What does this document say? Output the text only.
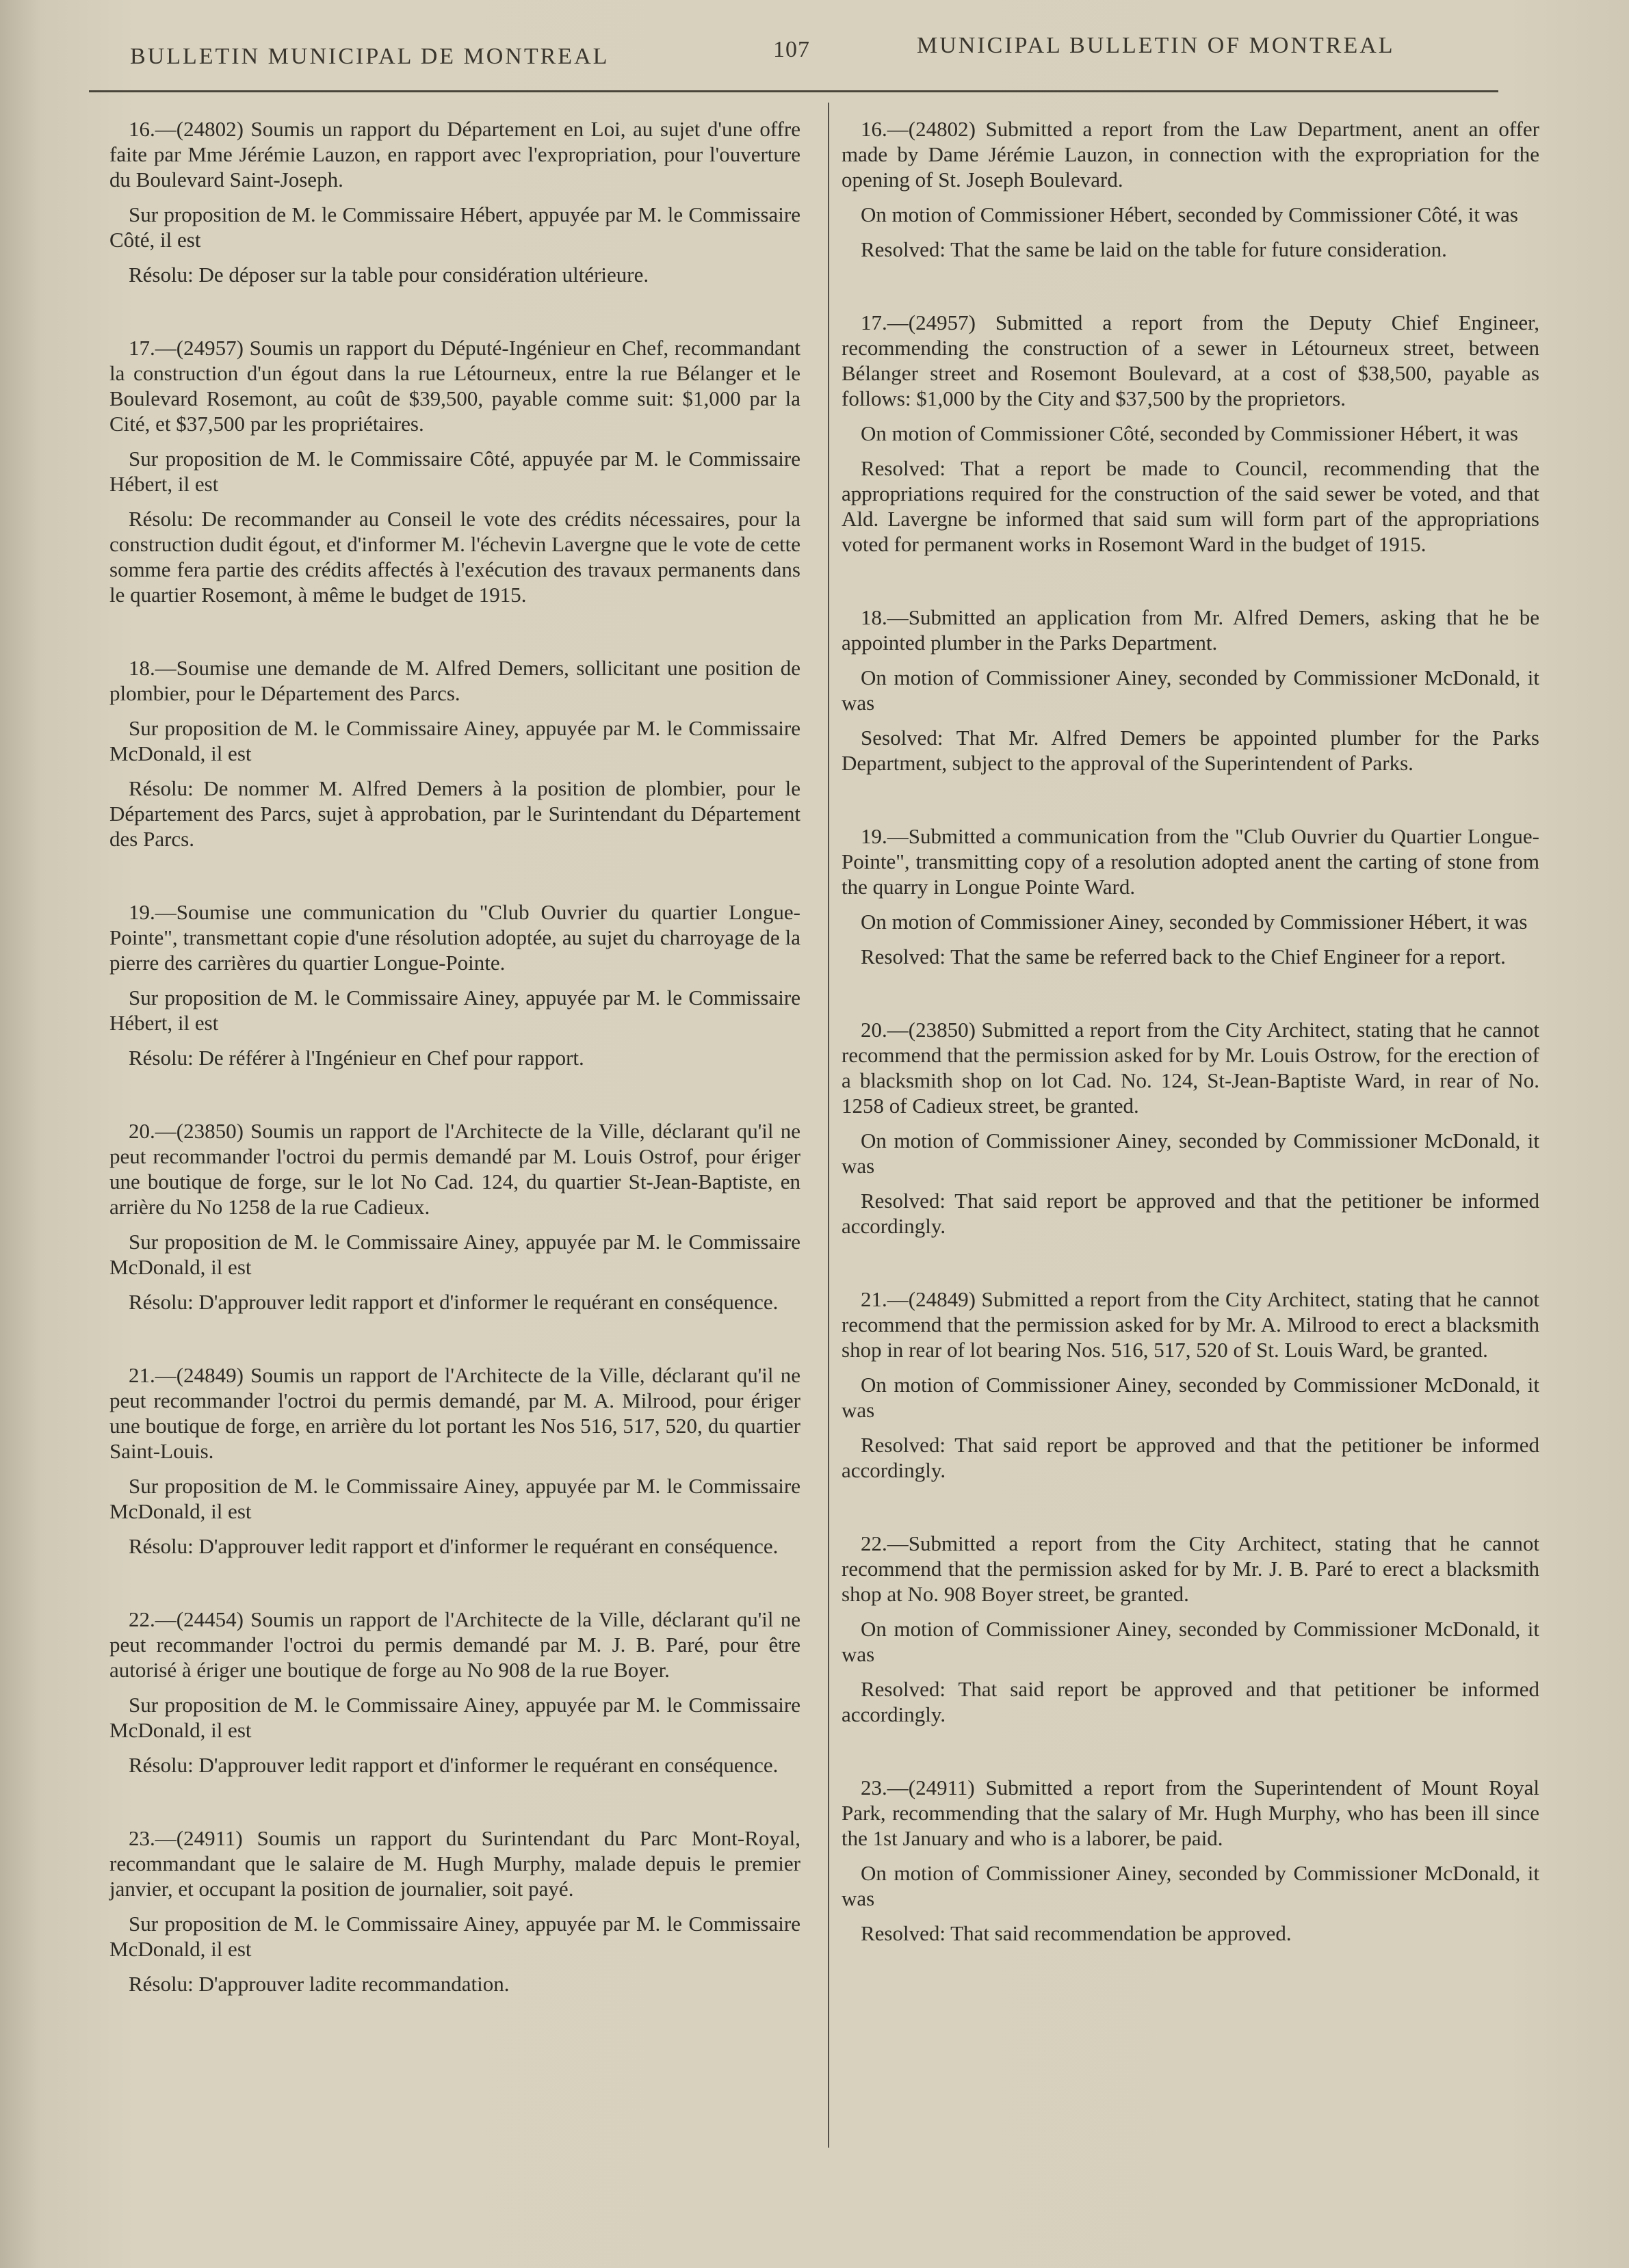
BULLETIN MUNICIPAL DE MONTREAL	107	MUNICIPAL BULLETIN OF MONTREAL

16.—(24802) Soumis un rapport du Département en Loi, au sujet d'une offre faite par Mme Jérémie Lauzon, en rapport avec l'expropriation, pour l'ouverture du Boulevard Saint-Joseph.

Sur proposition de M. le Commissaire Hébert, appuyée par M. le Commissaire Côté, il est

Résolu: De déposer sur la table pour considération ultérieure.

17.—(24957) Soumis un rapport du Député-Ingénieur en Chef, recommandant la construction d'un égout dans la rue Létourneux, entre la rue Bélanger et le Boulevard Rosemont, au coût de $39,500, payable comme suit: $1,000 par la Cité, et $37,500 par les propriétaires.

Sur proposition de M. le Commissaire Côté, appuyée par M. le Commissaire Hébert, il est

Résolu: De recommander au Conseil le vote des crédits nécessaires, pour la construction dudit égout, et d'informer M. l'échevin Lavergne que le vote de cette somme fera partie des crédits affectés à l'exécution des travaux permanents dans le quartier Rosemont, à même le budget de 1915.

18.—Soumise une demande de M. Alfred Demers, sollicitant une position de plombier, pour le Département des Parcs.

Sur proposition de M. le Commissaire Ainey, appuyée par M. le Commissaire McDonald, il est

Résolu: De nommer M. Alfred Demers à la position de plombier, pour le Département des Parcs, sujet à approbation, par le Surintendant du Département des Parcs.

19.—Soumise une communication du "Club Ouvrier du quartier Longue-Pointe", transmettant copie d'une résolution adoptée, au sujet du charroyage de la pierre des carrières du quartier Longue-Pointe.

Sur proposition de M. le Commissaire Ainey, appuyée par M. le Commissaire Hébert, il est

Résolu: De référer à l'Ingénieur en Chef pour rapport.

20.—(23850) Soumis un rapport de l'Architecte de la Ville, déclarant qu'il ne peut recommander l'octroi du permis demandé par M. Louis Ostrof, pour ériger une boutique de forge, sur le lot No Cad. 124, du quartier St-Jean-Baptiste, en arrière du No 1258 de la rue Cadieux.

Sur proposition de M. le Commissaire Ainey, appuyée par M. le Commissaire McDonald, il est

Résolu: D'approuver ledit rapport et d'informer le requérant en conséquence.

21.—(24849) Soumis un rapport de l'Architecte de la Ville, déclarant qu'il ne peut recommander l'octroi du permis demandé, par M. A. Milrood, pour ériger une boutique de forge, en arrière du lot portant les Nos 516, 517, 520, du quartier Saint-Louis.

Sur proposition de M. le Commissaire Ainey, appuyée par M. le Commissaire McDonald, il est

Résolu: D'approuver ledit rapport et d'informer le requérant en conséquence.

22.—(24454) Soumis un rapport de l'Architecte de la Ville, déclarant qu'il ne peut recommander l'octroi du permis demandé par M. J. B. Paré, pour être autorisé à ériger une boutique de forge au No 908 de la rue Boyer.

Sur proposition de M. le Commissaire Ainey, appuyée par M. le Commissaire McDonald, il est

Résolu: D'approuver ledit rapport et d'informer le requérant en conséquence.

23.—(24911) Soumis un rapport du Surintendant du Parc Mont-Royal, recommandant que le salaire de M. Hugh Murphy, malade depuis le premier janvier, et occupant la position de journalier, soit payé.

Sur proposition de M. le Commissaire Ainey, appuyée par M. le Commissaire McDonald, il est

Résolu: D'approuver ladite recommandation.

16.—(24802) Submitted a report from the Law Department, anent an offer made by Dame Jérémie Lauzon, in connection with the expropriation for the opening of St. Joseph Boulevard.

On motion of Commissioner Hébert, seconded by Commissioner Côté, it was

Resolved: That the same be laid on the table for future consideration.

17.—(24957) Submitted a report from the Deputy Chief Engineer, recommending the construction of a sewer in Létourneux street, between Bélanger street and Rosemont Boulevard, at a cost of $38,500, payable as follows: $1,000 by the City and $37,500 by the proprietors.

On motion of Commissioner Côté, seconded by Commissioner Hébert, it was

Resolved: That a report be made to Council, recommending that the appropriations required for the construction of the said sewer be voted, and that Ald. Lavergne be informed that said sum will form part of the appropriations voted for permanent works in Rosemont Ward in the budget of 1915.

18.—Submitted an application from Mr. Alfred Demers, asking that he be appointed plumber in the Parks Department.

On motion of Commissioner Ainey, seconded by Commissioner McDonald, it was

Sesolved: That Mr. Alfred Demers be appointed plumber for the Parks Department, subject to the approval of the Superintendent of Parks.

19.—Submitted a communication from the "Club Ouvrier du Quartier Longue-Pointe", transmitting copy of a resolution adopted anent the carting of stone from the quarry in Longue Pointe Ward.

On motion of Commissioner Ainey, seconded by Commissioner Hébert, it was

Resolved: That the same be referred back to the Chief Engineer for a report.

20.—(23850) Submitted a report from the City Architect, stating that he cannot recommend that the permission asked for by Mr. Louis Ostrow, for the erection of a blacksmith shop on lot Cad. No. 124, St-Jean-Baptiste Ward, in rear of No. 1258 of Cadieux street, be granted.

On motion of Commissioner Ainey, seconded by Commissioner McDonald, it was

Resolved: That said report be approved and that the petitioner be informed accordingly.

21.—(24849) Submitted a report from the City Architect, stating that he cannot recommend that the permission asked for by Mr. A. Milrood to erect a blacksmith shop in rear of lot bearing Nos. 516, 517, 520 of St. Louis Ward, be granted.

On motion of Commissioner Ainey, seconded by Commissioner McDonald, it was

Resolved: That said report be approved and that the petitioner be informed accordingly.

22.—Submitted a report from the City Architect, stating that he cannot recommend that the permission asked for by Mr. J. B. Paré to erect a blacksmith shop at No. 908 Boyer street, be granted.

On motion of Commissioner Ainey, seconded by Commissioner McDonald, it was

Resolved: That said report be approved and that petitioner be informed accordingly.

23.—(24911) Submitted a report from the Superintendent of Mount Royal Park, recommending that the salary of Mr. Hugh Murphy, who has been ill since the 1st January and who is a laborer, be paid.

On motion of Commissioner Ainey, seconded by Commissioner McDonald, it was

Resolved: That said recommendation be approved.
